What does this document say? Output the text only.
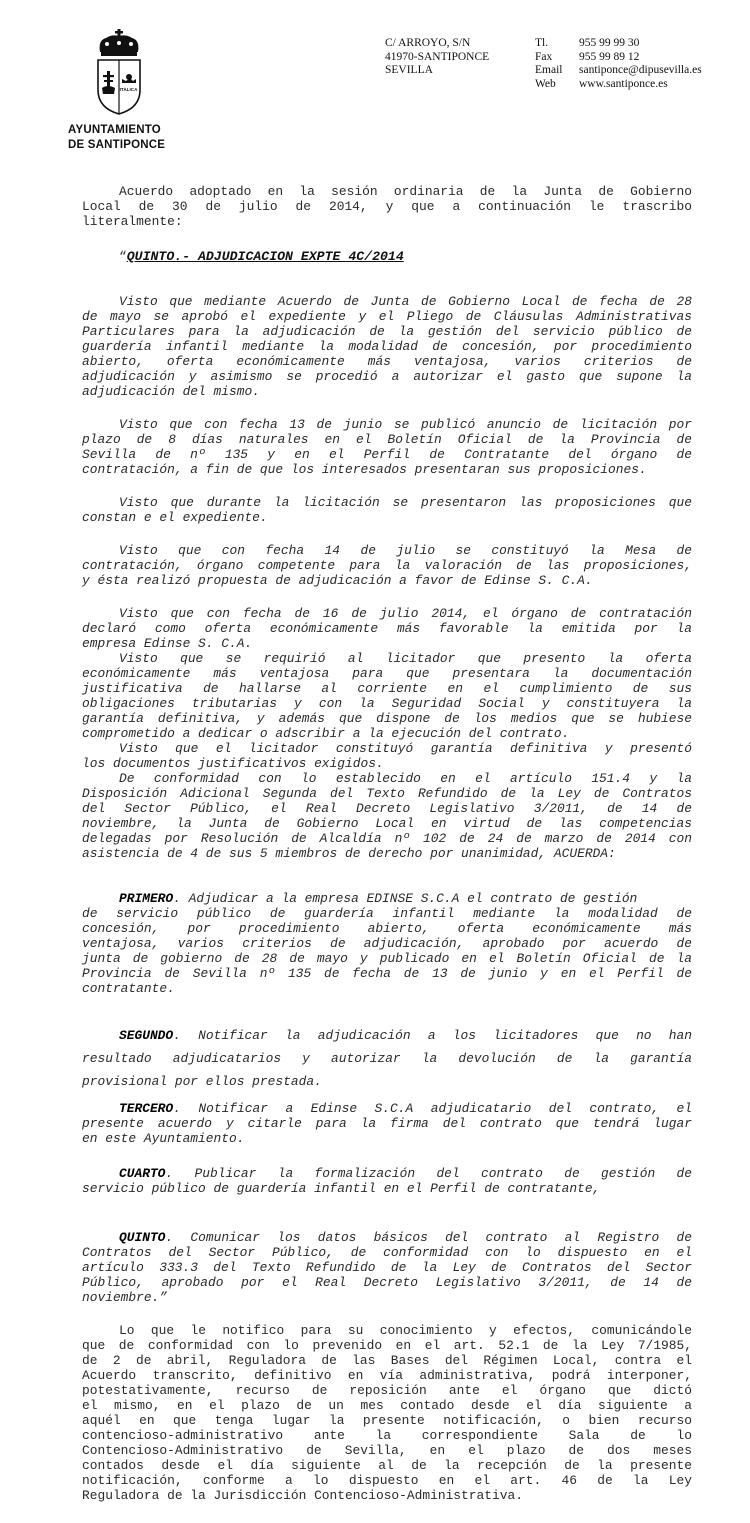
ITALICA
AYUNTAMIENTO
DE SANTIPONCE
C/ ARROYO, S/N
41970-SANTIPONCE
SEVILLA
Tl.	955 99 99 30
Fax	955 99 89 12
Email	santiponce@dipusevilla.es
Web	www.santiponce.es
Acuerdo adoptado en la sesión ordinaria de la Junta de Gobierno
Local de 30 de julio de 2014, y que a continuación le trascribo
literalmente:
“QUINTO.- ADJUDICACION EXPTE 4C/2014
Visto que mediante Acuerdo de Junta de Gobierno Local de fecha de 28
de mayo se aprobó el expediente y el Pliego de Cláusulas Administrativas
Particulares para la adjudicación de la gestión del servicio público de
guardería infantil mediante la modalidad de concesión, por procedimiento
abierto, oferta económicamente más ventajosa, varios criterios de
adjudicación y asimismo se procedió a autorizar el gasto que supone la
adjudicación del mismo.
Visto que con fecha 13 de junio se publicó anuncio de licitación por
plazo de 8 días naturales en el Boletín Oficial de la Provincia de
Sevilla de nº 135 y en el Perfil de Contratante del órgano de
contratación, a fin de que los interesados presentaran sus proposiciones.
Visto que durante la licitación se presentaron las proposiciones que
constan e el expediente.
Visto que con fecha 14 de julio se constituyó la Mesa de
contratación, órgano competente para la valoración de las proposiciones,
y ésta realizó propuesta de adjudicación a favor de Edinse S. C.A.
Visto que con fecha de 16 de julio 2014, el órgano de contratación
declaró como oferta económicamente más favorable la emitida por la
empresa Edinse S. C.A.
Visto que se requirió al licitador que presento la oferta
económicamente más ventajosa para que presentara la documentación
justificativa de hallarse al corriente en el cumplimiento de sus
obligaciones tributarias y con la Seguridad Social y constituyera la
garantía definitiva, y además que dispone de los medios que se hubiese
comprometido a dedicar o adscribir a la ejecución del contrato.
Visto que el licitador constituyó garantía definitiva y presentó
los documentos justificativos exigidos.
De conformidad con lo establecido en el artículo 151.4 y la
Disposición Adicional Segunda del Texto Refundido de la Ley de Contratos
del Sector Público, el Real Decreto Legislativo 3/2011, de 14 de
noviembre, la Junta de Gobierno Local en virtud de las competencias
delegadas por Resolución de Alcaldía nº 102 de 24 de marzo de 2014 con
asistencia de 4 de sus 5 miembros de derecho por unanimidad, ACUERDA:
PRIMERO. Adjudicar a la empresa EDINSE S.C.A el contrato de gestión
de servicio público de guardería infantil mediante la modalidad de
concesión, por procedimiento abierto, oferta económicamente más
ventajosa, varios criterios de adjudicación, aprobado por acuerdo de
junta de gobierno de 28 de mayo y publicado en el Boletín Oficial de la
Provincia de Sevilla nº 135 de fecha de 13 de junio y en el Perfil de
contratante.
SEGUNDO. Notificar la adjudicación a los licitadores que no han
resultado adjudicatarios y autorizar la devolución de la garantía
provisional por ellos prestada.
TERCERO. Notificar a Edinse S.C.A adjudicatario del contrato, el
presente acuerdo y citarle para la firma del contrato que tendrá lugar
en este Ayuntamiento.
CUARTO. Publicar la formalización del contrato de gestión de
servicio público de guardería infantil en el Perfil de contratante,
QUINTO. Comunicar los datos básicos del contrato al Registro de
Contratos del Sector Público, de conformidad con lo dispuesto en el
artículo 333.3 del Texto Refundido de la Ley de Contratos del Sector
Público, aprobado por el Real Decreto Legislativo 3/2011, de 14 de
noviembre.”
Lo que le notifico para su conocimiento y efectos, comunicándole
que de conformidad con lo prevenido en el art. 52.1 de la Ley 7/1985,
de 2 de abril, Reguladora de las Bases del Régimen Local, contra el
Acuerdo transcrito, definitivo en vía administrativa, podrá interponer,
potestativamente, recurso de reposición ante el órgano que dictó
el mismo, en el plazo de un mes contado desde el día siguiente a
aquél en que tenga lugar la presente notificación, o bien recurso
contencioso-administrativo ante la correspondiente Sala de lo
Contencioso-Administrativo de Sevilla, en el plazo de dos meses
contados desde el día siguiente al de la recepción de la presente
notificación, conforme a lo dispuesto en el art. 46 de la Ley
Reguladora de la Jurisdicción Contencioso-Administrativa.
